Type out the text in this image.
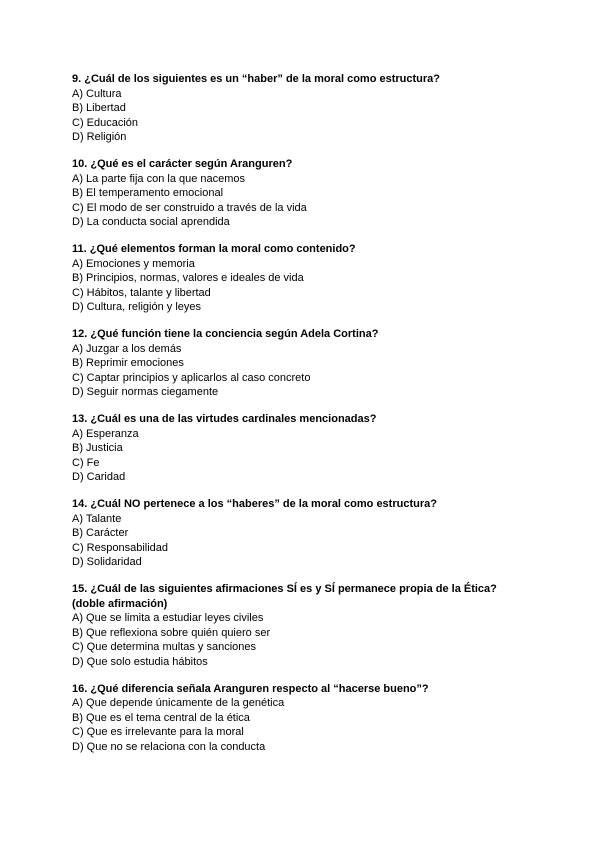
9. ¿Cuál de los siguientes es un “haber” de la moral como estructura?

A) Cultura

B) Libertad

C) Educación

D) Religión

10. ¿Qué es el carácter según Aranguren?

A) La parte fija con la que nacemos

B) El temperamento emocional

C) El modo de ser construido a través de la vida

D) La conducta social aprendida

11. ¿Qué elementos forman la moral como contenido?

A) Emociones y memoria

B) Principios, normas, valores e ideales de vida

C) Hábitos, talante y libertad

D) Cultura, religión y leyes

12. ¿Qué función tiene la conciencia según Adela Cortina?

A) Juzgar a los demás

B) Reprimir emociones

C) Captar principios y aplicarlos al caso concreto

D) Seguir normas ciegamente

13. ¿Cuál es una de las virtudes cardinales mencionadas?

A) Esperanza

B) Justicia

C) Fe

D) Caridad

14. ¿Cuál NO pertenece a los “haberes” de la moral como estructura?

A) Talante

B) Carácter

C) Responsabilidad

D) Solidaridad

15. ¿Cuál de las siguientes afirmaciones SÍ es y SÍ permanece propia de la Ética? (doble afirmación)

A) Que se limita a estudiar leyes civiles

B) Que reflexiona sobre quién quiero ser

C) Que determina multas y sanciones

D) Que solo estudia hábitos

16. ¿Qué diferencia señala Aranguren respecto al “hacerse bueno”?

A) Que depende únicamente de la genética

B) Que es el tema central de la ética

C) Que es irrelevante para la moral

D) Que no se relaciona con la conducta
